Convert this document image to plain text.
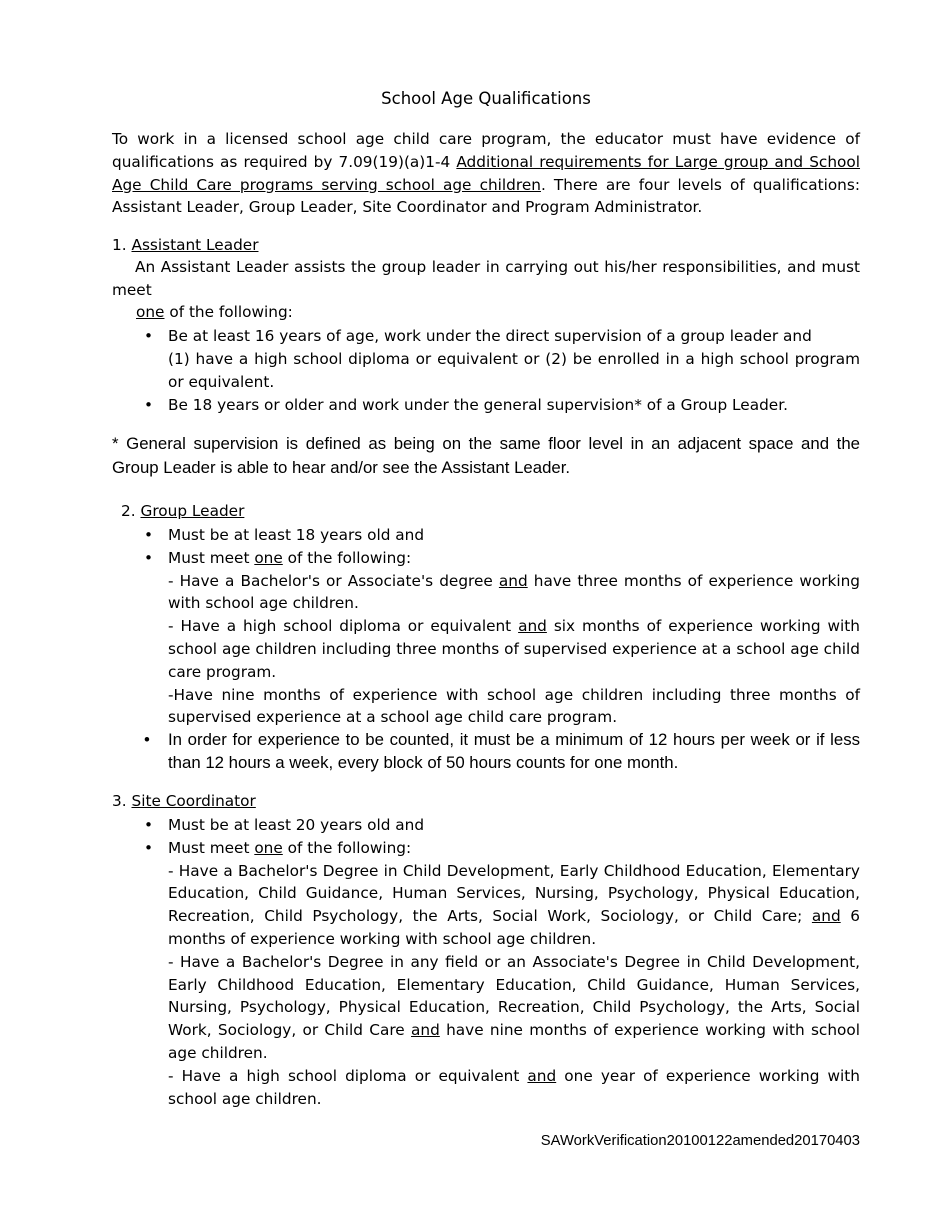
School Age Qualifications
To work in a licensed school age child care program, the educator must have evidence of qualifications as required by 7.09(19)(a)1-4 Additional requirements for Large group and School Age Child Care programs serving school age children. There are four levels of qualifications: Assistant Leader, Group Leader, Site Coordinator and Program Administrator.
1. Assistant Leader
An Assistant Leader assists the group leader in carrying out his/her responsibilities, and must meet
one of the following:
• Be at least 16 years of age, work under the direct supervision of a group leader and
(1) have a high school diploma or equivalent or (2) be enrolled in a high school program or equivalent.
• Be 18 years or older and work under the general supervision* of a Group Leader.
* General supervision is defined as being on the same floor level in an adjacent space and the Group Leader is able to hear and/or see the Assistant Leader.
2. Group Leader
• Must be at least 18 years old and
• Must meet one of the following:
- Have a Bachelor's or Associate's degree and have three months of experience working with school age children.
- Have a high school diploma or equivalent and six months of experience working with school age children including three months of supervised experience at a school age child care program.
-Have nine months of experience with school age children including three months of supervised experience at a school age child care program.
• In order for experience to be counted, it must be a minimum of 12 hours per week or if less than 12 hours a week, every block of 50 hours counts for one month.
3. Site Coordinator
• Must be at least 20 years old and
• Must meet one of the following:
- Have a Bachelor's Degree in Child Development, Early Childhood Education, Elementary Education, Child Guidance, Human Services, Nursing, Psychology, Physical Education, Recreation, Child Psychology, the Arts, Social Work, Sociology, or Child Care; and 6 months of experience working with school age children.
- Have a Bachelor's Degree in any field or an Associate's Degree in Child Development, Early Childhood Education, Elementary Education, Child Guidance, Human Services, Nursing, Psychology, Physical Education, Recreation, Child Psychology, the Arts, Social Work, Sociology, or Child Care and have nine months of experience working with school age children.
- Have a high school diploma or equivalent and one year of experience working with school age children.
SAWorkVerification20100122amended20170403
